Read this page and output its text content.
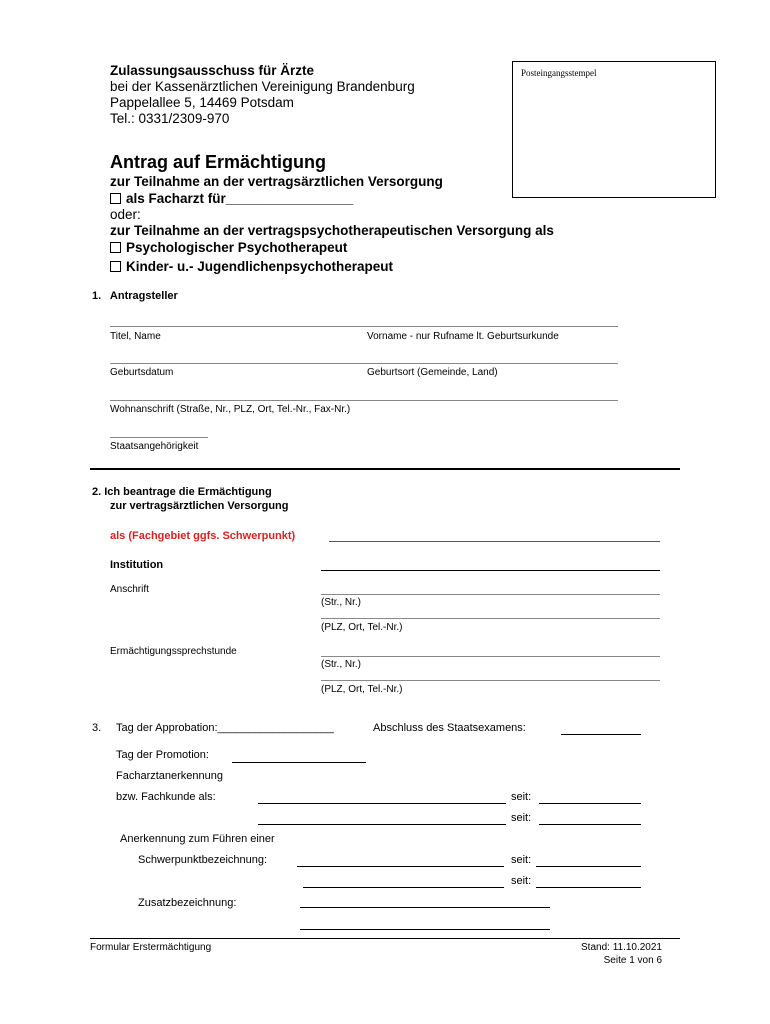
Zulassungsausschuss für Ärzte
bei der Kassenärztlichen Vereinigung Brandenburg
Pappelallee 5, 14469 Potsdam
Tel.: 0331/2309-970
Posteingangsstempel
Antrag auf Ermächtigung
zur Teilnahme an der vertragsärztlichen Versorgung
als Facharzt für_________________
oder:
zur Teilnahme an der vertragspsychotherapeutischen Versorgung als
Psychologischer Psychotherapeut
Kinder- u.- Jugendlichenpsychotherapeut
1.   Antragsteller
Titel, Name	Vorname - nur Rufname lt. Geburtsurkunde
Geburtsdatum	Geburtsort (Gemeinde, Land)
Wohnanschrift (Straße, Nr., PLZ, Ort, Tel.-Nr., Fax-Nr.)
Staatsangehörigkeit
2. Ich beantrage die Ermächtigung
zur vertragsärztlichen Versorgung
als (Fachgebiet ggfs. Schwerpunkt)
Institution
Anschrift
(Str., Nr.)
(PLZ, Ort, Tel.-Nr.)
Ermächtigungssprechstunde
(Str., Nr.)
(PLZ, Ort, Tel.-Nr.)
3. Tag der Approbation:___________________	Abschluss des Staatsexamens:
Tag der Promotion:
Facharztanerkennung
bzw. Fachkunde als:	seit:
seit:
Anerkennung zum Führen einer
Schwerpunktbezeichnung:	seit:
seit:
Zusatzbezeichnung:
Formular Erstermächtigung	Stand: 11.10.2021
Seite 1 von 6
